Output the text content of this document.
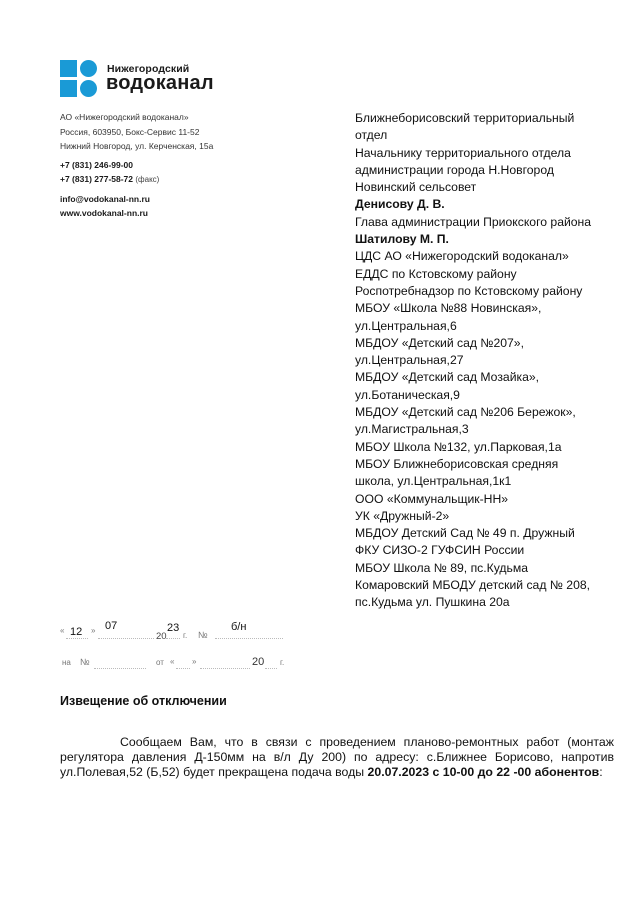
Нижегородский
водоканал
АО «Нижегородский водоканал»
Россия, 603950, Бокс-Сервис 11-52
Нижний Новгород, ул. Керченская, 15а
+7 (831) 246-99-00
+7 (831) 277-58-72 (факс)
info@vodokanal-nn.ru
www.vodokanal-nn.ru
Ближнеборисовский территориальный
отдел
Начальнику территориального отдела
администрации города Н.Новгород
Новинский сельсовет
Денисову Д. В.
Глава администрации Приокского района
Шатилову М. П.
ЦДС АО «Нижегородский водоканал»
ЕДДС по Кстовскому району
Роспотребнадзор по Кстовскому району
МБОУ «Школа №88 Новинская»,
ул.Центральная,6
МБДОУ «Детский сад №207»,
ул.Центральная,27
МБДОУ «Детский сад Мозайка»,
ул.Ботаническая,9
МБДОУ «Детский сад №206 Бережок»,
ул.Магистральная,3
МБОУ Школа №132, ул.Парковая,1а
МБОУ Ближнеборисовская средняя
школа, ул.Центральная,1к1
ООО «Коммунальщик-НН»
УК «Дружный-2»
МБДОУ Детский Сад № 49 п. Дружный
ФКУ СИЗО-2 ГУФСИН России
МБОУ Школа № 89, пс.Кудьма
Комаровский МБОДУ детский сад № 208,
пс.Кудьма ул. Пушкина 20а
« 12 » 07
20
23
г. №
б/н
на №	от « »	20 г.
Извещение об отключении

Сообщаем Вам, что в связи с проведением планово-ремонтных работ (монтаж регулятора давления Д-150мм на в/л Ду 200) по адресу: с.Ближнее Борисово, напротив ул.Полевая,52 (Б,52) будет прекращена подача воды 20.07.2023 с 10-00 до 22 -00 абонентов:
